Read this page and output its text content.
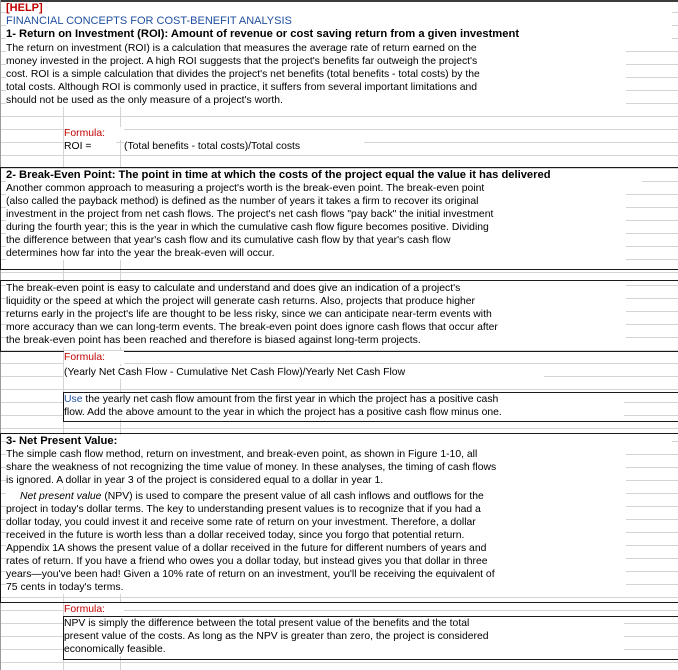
[HELP]
FINANCIAL CONCEPTS FOR COST-BENEFIT ANALYSIS
1- Return on Investment (ROI): Amount of revenue or cost saving return from a given investment
The return on investment (ROI) is a calculation that measures the average rate of return earned on the
money invested in the project. A high ROI suggests that the project's benefits far outweigh the project's
cost. ROI is a simple calculation that divides the project's net benefits (total benefits - total costs) by the
total costs. Although ROI is commonly used in practice, it suffers from several important limitations and
should not be used as the only measure of a project's worth.
Formula:
ROI =	(Total benefits - total costs)/Total costs
2- Break-Even Point: The point in time at which the costs of the project equal the value it has delivered
Another common approach to measuring a project's worth is the break-even point. The break-even point
(also called the payback method) is defined as the number of years it takes a firm to recover its original
investment in the project from net cash flows. The project's net cash flows "pay back" the initial investment
during the fourth year; this is the year in which the cumulative cash flow figure becomes positive. Dividing
the difference between that year's cash flow and its cumulative cash flow by that year's cash flow
determines how far into the year the break-even will occur.
The break-even point is easy to calculate and understand and does give an indication of a project's
liquidity or the speed at which the project will generate cash returns. Also, projects that produce higher
returns early in the project's life are thought to be less risky, since we can anticipate near-term events with
more accuracy than we can long-term events. The break-even point does ignore cash flows that occur after
the break-even point has been reached and therefore is biased against long-term projects.
Formula:
(Yearly Net Cash Flow - Cumulative Net Cash Flow)/Yearly Net Cash Flow
Use the yearly net cash flow amount from the first year in which the project has a positive cash
flow. Add the above amount to the year in which the project has a positive cash flow minus one.
3- Net Present Value:
The simple cash flow method, return on investment, and break-even point, as shown in Figure 1-10, all
share the weakness of not recognizing the time value of money. In these analyses, the timing of cash flows
is ignored. A dollar in year 3 of the project is considered equal to a dollar in year 1.
Net present value (NPV) is used to compare the present value of all cash inflows and outflows for the
project in today's dollar terms. The key to understanding present values is to recognize that if you had a
dollar today, you could invest it and receive some rate of return on your investment. Therefore, a dollar
received in the future is worth less than a dollar received today, since you forgo that potential return.
Appendix 1A shows the present value of a dollar received in the future for different numbers of years and
rates of return. If you have a friend who owes you a dollar today, but instead gives you that dollar in three
years—you've been had! Given a 10% rate of return on an investment, you'll be receiving the equivalent of
75 cents in today's terms.
Formula:
NPV is simply the difference between the total present value of the benefits and the total
present value of the costs. As long as the NPV is greater than zero, the project is considered
economically feasible.
